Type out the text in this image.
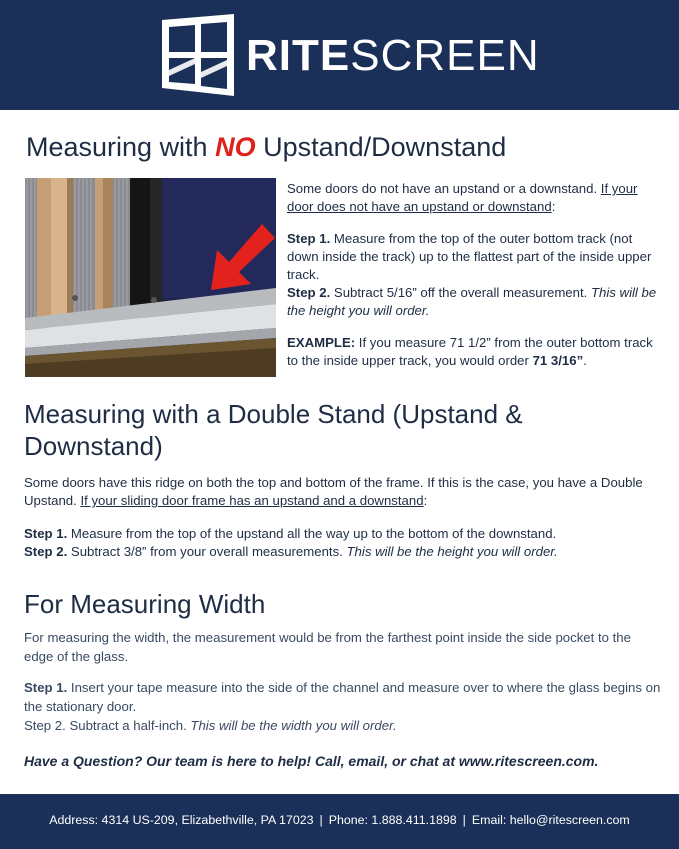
RITESCREEN
Measuring with NO Upstand/Downstand

Some doors do not have an upstand or a downstand. If your door does not have an upstand or downstand:

Step 1. Measure from the top of the outer bottom track (not down inside the track) up to the flattest part of the inside upper track.

Step 2. Subtract 5/16” off the overall measurement. This will be the height you will order.

EXAMPLE: If you measure 71 1/2” from the outer bottom track to the inside upper track, you would order 71 3/16”.

Measuring with a Double Stand (Upstand & Downstand)

Some doors have this ridge on both the top and bottom of the frame. If this is the case, you have a Double Upstand. If your sliding door frame has an upstand and a downstand:

Step 1. Measure from the top of the upstand all the way up to the bottom of the downstand.

Step 2. Subtract 3/8” from your overall measurements. This will be the height you will order.

For Measuring Width

For measuring the width, the measurement would be from the farthest point inside the side pocket to the edge of the glass.

Step 1. Insert your tape measure into the side of the channel and measure over to where the glass begins on the stationary door.

Step 2. Subtract a half-inch. This will be the width you will order.

Have a Question? Our team is here to help! Call, email, or chat at www.ritescreen.com.

Address: 4314 US-209, Elizabethville, PA 17023 | Phone: 1.888.411.1898 | Email: hello@ritescreen.com
